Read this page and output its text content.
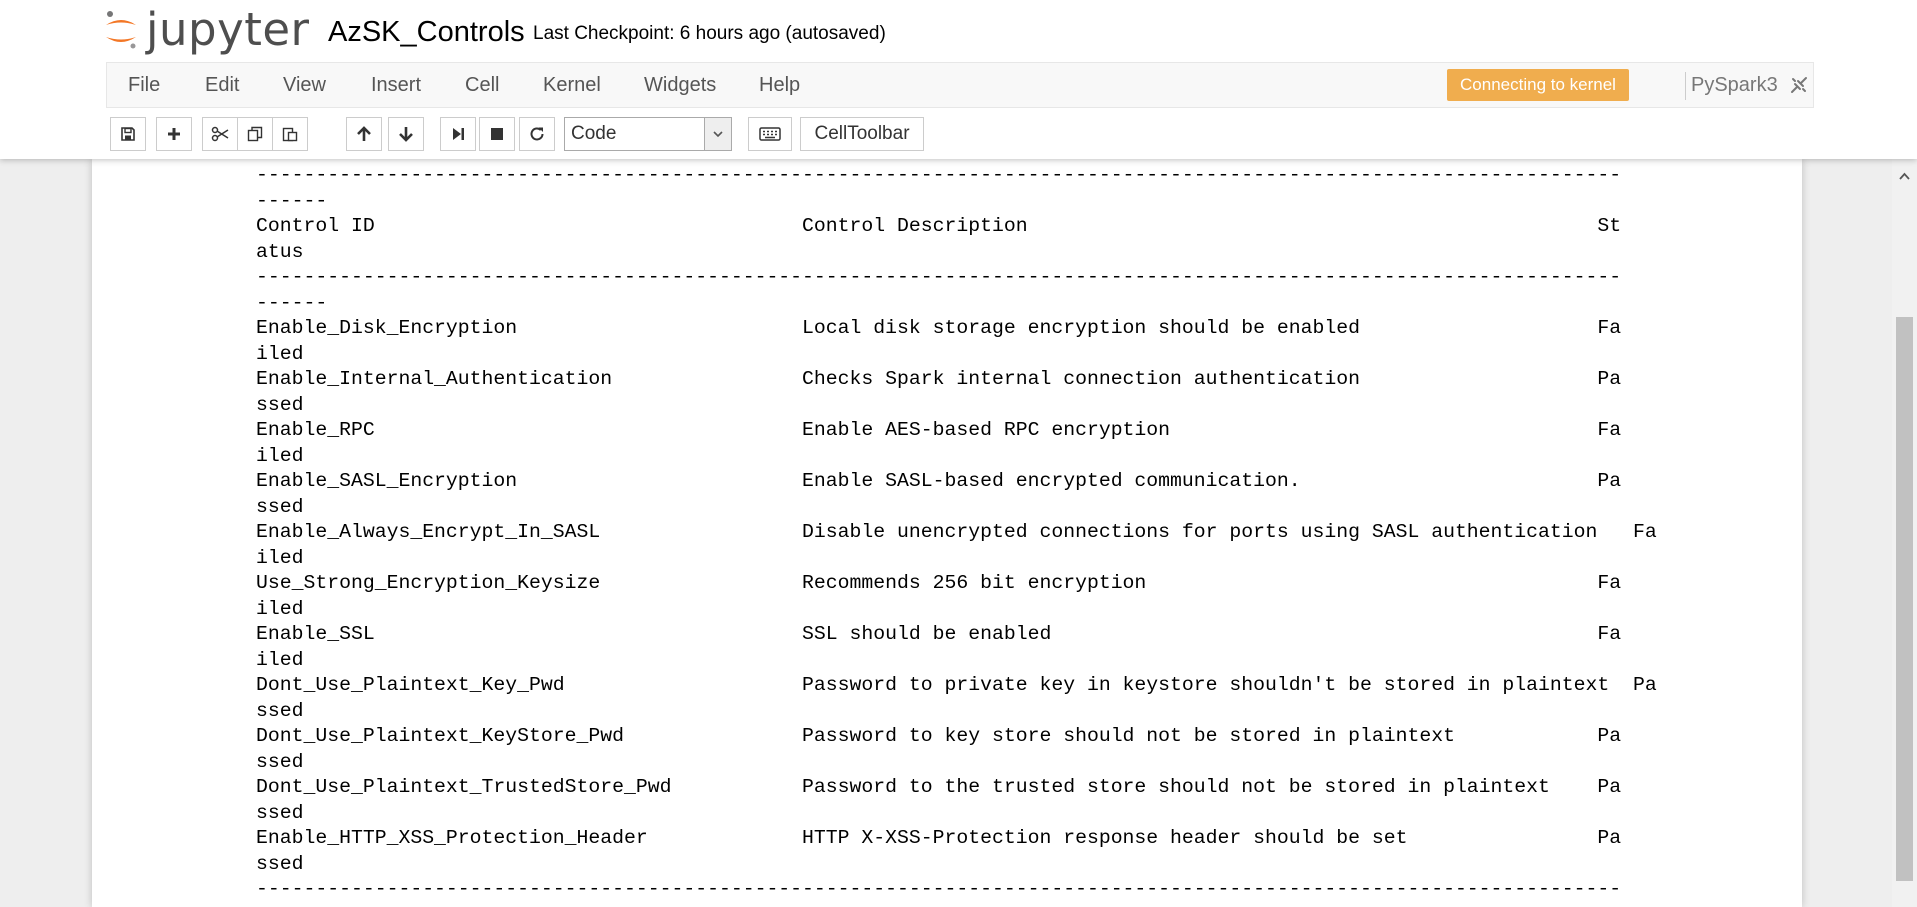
jupyter AzSK_Controls Last Checkpoint: 6 hours ago (autosaved)
File Edit View Insert Cell Kernel Widgets Help	Connecting to kernel	PySpark3
Code	CellToolbar
-------------------------------------------------------------------------------------------------------------------
------
Control ID                                    Control Description                                                St
atus
-------------------------------------------------------------------------------------------------------------------
------
Enable_Disk_Encryption                        Local disk storage encryption should be enabled                    Fa
iled
Enable_Internal_Authentication                Checks Spark internal connection authentication                    Pa
ssed
Enable_RPC                                    Enable AES-based RPC encryption                                    Fa
iled
Enable_SASL_Encryption                        Enable SASL-based encrypted communication.                         Pa
ssed
Enable_Always_Encrypt_In_SASL                 Disable unencrypted connections for ports using SASL authentication   Fa
iled
Use_Strong_Encryption_Keysize                 Recommends 256 bit encryption                                      Fa
iled
Enable_SSL                                    SSL should be enabled                                              Fa
iled
Dont_Use_Plaintext_Key_Pwd                    Password to private key in keystore shouldn't be stored in plaintext  Pa
ssed
Dont_Use_Plaintext_KeyStore_Pwd               Password to key store should not be stored in plaintext            Pa
ssed
Dont_Use_Plaintext_TrustedStore_Pwd           Password to the trusted store should not be stored in plaintext    Pa
ssed
Enable_HTTP_XSS_Protection_Header             HTTP X-XSS-Protection response header should be set                Pa
ssed
-------------------------------------------------------------------------------------------------------------------
